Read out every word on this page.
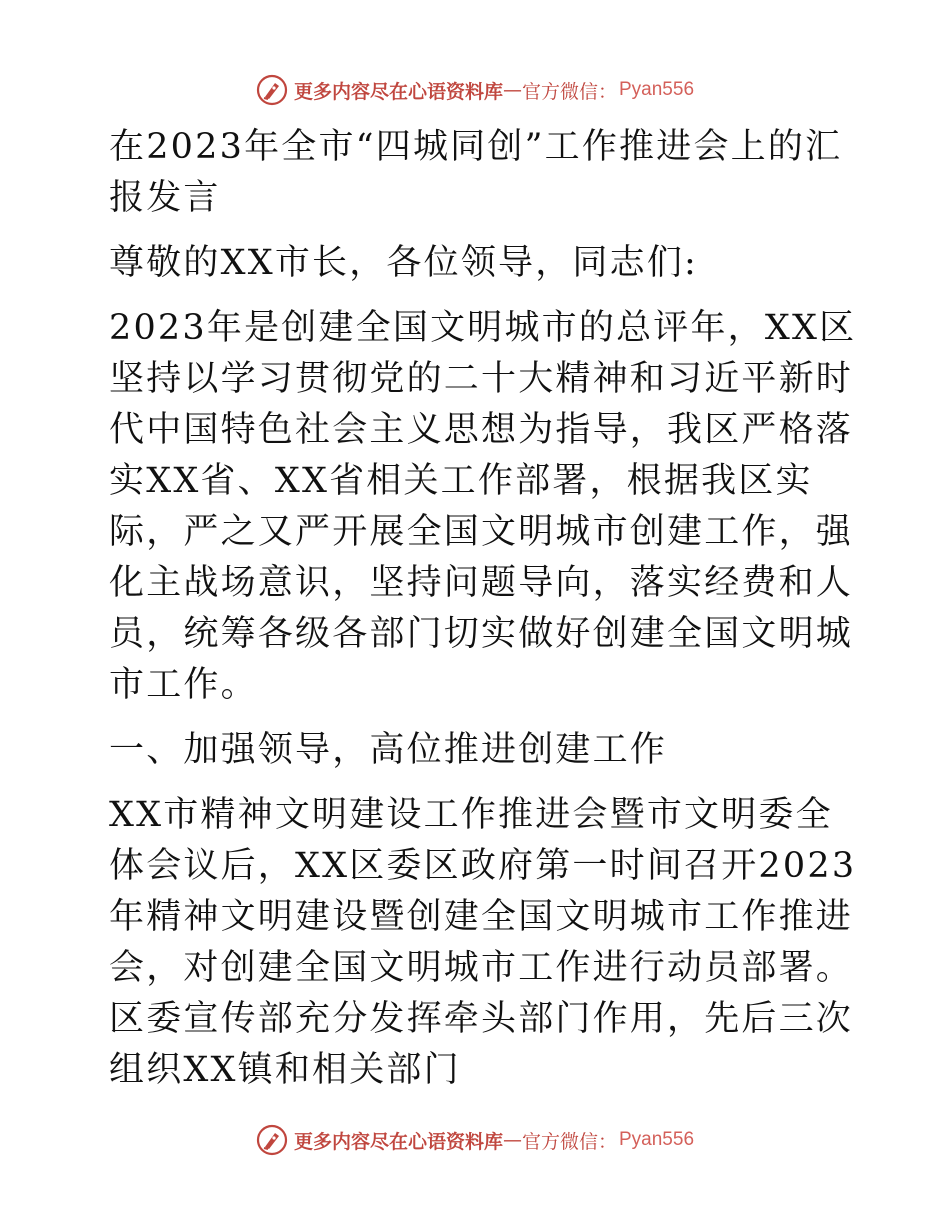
更多内容尽在心语资料库 — 官方微信： Pyan556

在2023年全市“四城同创”工作推进会上的汇报发言

尊敬的XX市长，各位领导，同志们:

2023年是创建全国文明城市的总评年，XX区坚持以学习贯彻党的二十大精神和习近平新时代中国特色社会主义思想为指导，我区严格落实XX省、XX省相关工作部署，根据我区实际，严之又严开展全国文明城市创建工作，强化主战场意识，坚持问题导向，落实经费和人员，统筹各级各部门切实做好创建全国文明城市工作。

一、加强领导，高位推进创建工作

XX市精神文明建设工作推进会暨市文明委全体会议后，XX区委区政府第一时间召开2023年精神文明建设暨创建全国文明城市工作推进会，对创建全国文明城市工作进行动员部署。区委宣传部充分发挥牵头部门作用，先后三次组织XX镇和相关部门

更多内容尽在心语资料库 — 官方微信： Pyan556
